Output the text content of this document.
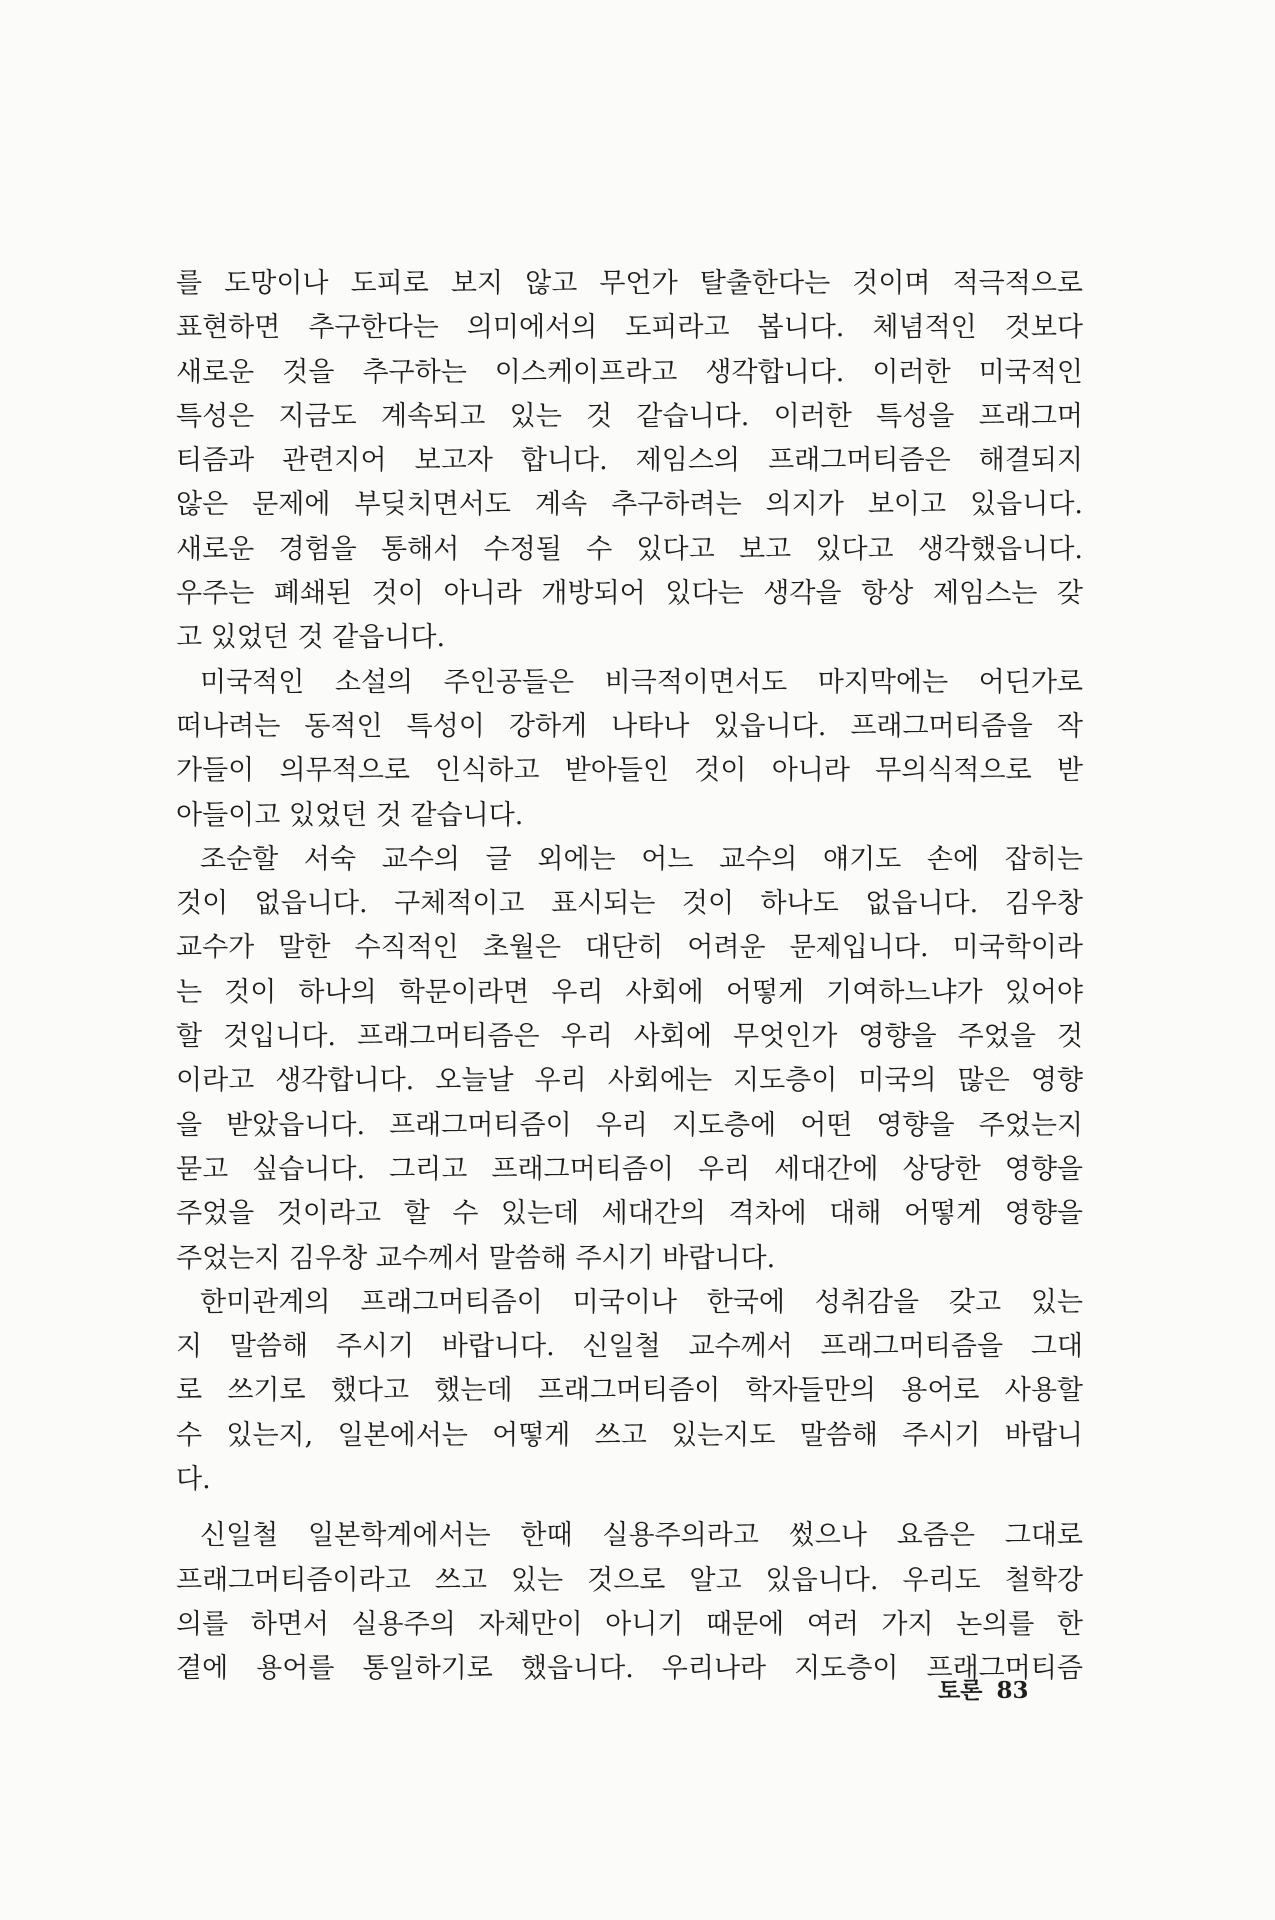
를 도망이나 도피로 보지 않고 무언가 탈출한다는 것이며 적극적으로
표현하면 추구한다는 의미에서의 도피라고 봅니다. 체념적인 것보다
새로운 것을 추구하는 이스케이프라고 생각합니다. 이러한 미국적인
특성은 지금도 계속되고 있는 것 같습니다. 이러한 특성을 프래그머
티즘과 관련지어 보고자 합니다. 제임스의 프래그머티즘은 해결되지
않은 문제에 부딪치면서도 계속 추구하려는 의지가 보이고 있읍니다.
새로운 경험을 통해서 수정될 수 있다고 보고 있다고 생각했읍니다.
우주는 폐쇄된 것이 아니라 개방되어 있다는 생각을 항상 제임스는 갖
고 있었던 것 같읍니다.
미국적인 소설의 주인공들은 비극적이면서도 마지막에는 어딘가로
떠나려는 동적인 특성이 강하게 나타나 있읍니다. 프래그머티즘을 작
가들이 의무적으로 인식하고 받아들인 것이 아니라 무의식적으로 받
아들이고 있었던 것 같습니다.
조순할 서숙 교수의 글 외에는 어느 교수의 얘기도 손에 잡히는
것이 없읍니다. 구체적이고 표시되는 것이 하나도 없읍니다. 김우창
교수가 말한 수직적인 초월은 대단히 어려운 문제입니다. 미국학이라
는 것이 하나의 학문이라면 우리 사회에 어떻게 기여하느냐가 있어야
할 것입니다. 프래그머티즘은 우리 사회에 무엇인가 영향을 주었을 것
이라고 생각합니다. 오늘날 우리 사회에는 지도층이 미국의 많은 영향
을 받았읍니다. 프래그머티즘이 우리 지도층에 어떤 영향을 주었는지
묻고 싶습니다. 그리고 프래그머티즘이 우리 세대간에 상당한 영향을
주었을 것이라고 할 수 있는데 세대간의 격차에 대해 어떻게 영향을
주었는지 김우창 교수께서 말씀해 주시기 바랍니다.
한미관계의 프래그머티즘이 미국이나 한국에 성취감을 갖고 있는
지 말씀해 주시기 바랍니다. 신일철 교수께서 프래그머티즘을 그대
로 쓰기로 했다고 했는데 프래그머티즘이 학자들만의 용어로 사용할
수 있는지, 일본에서는 어떻게 쓰고 있는지도 말씀해 주시기 바랍니
다.
신일철 일본학계에서는 한때 실용주의라고 썼으나 요즘은 그대로
프래그머티즘이라고 쓰고 있는 것으로 알고 있읍니다. 우리도 철학강
의를 하면서 실용주의 자체만이 아니기 때문에 여러 가지 논의를 한
곁에 용어를 통일하기로 했읍니다. 우리나라 지도층이 프래그머티즘
토론 83
